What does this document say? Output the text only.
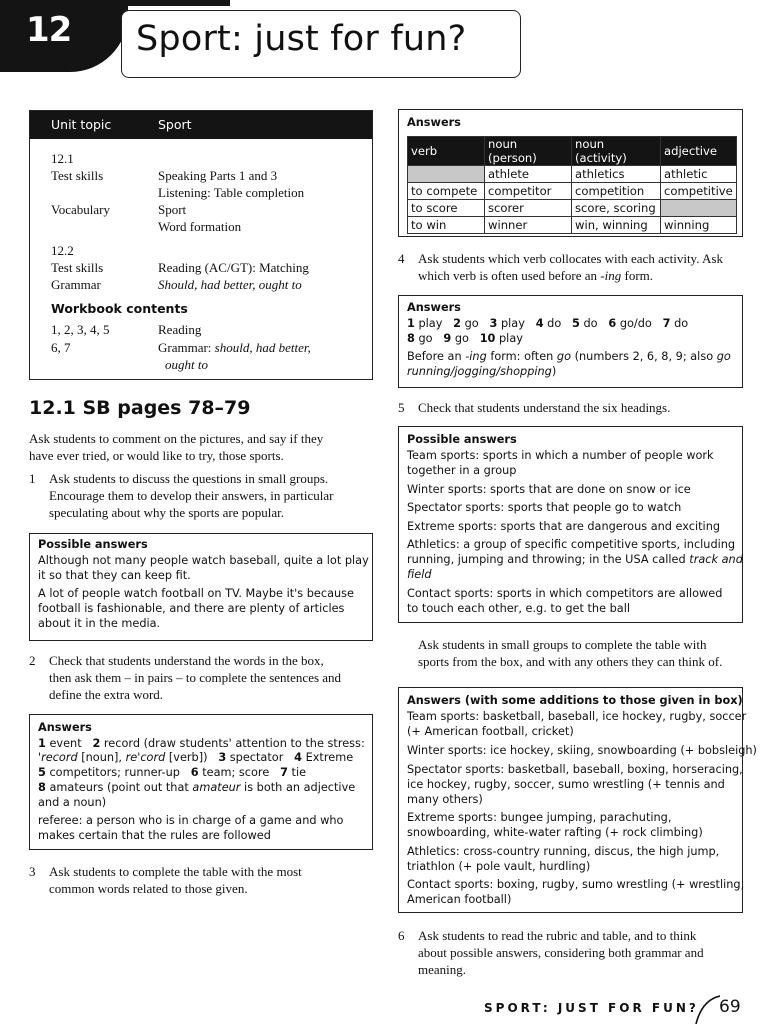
12 Sport: just for fun?
Unit topic	Sport
12.1
Test skills	Speaking Parts 1 and 3
Listening: Table completion
Vocabulary	Sport
Word formation
12.2
Test skills	Reading (AC/GT): Matching
Grammar	Should, had better, ought to
Workbook contents
1, 2, 3, 4, 5	Reading
6, 7	Grammar: should, had better,
ought to
12.1 SB pages 78–79
Ask students to comment on the pictures, and say if they
have ever tried, or would like to try, those sports.
1 Ask students to discuss the questions in small groups.
Encourage them to develop their answers, in particular
speculating about why the sports are popular.
Possible answers
Although not many people watch baseball, quite a lot play
it so that they can keep fit.
A lot of people watch football on TV. Maybe it's because
football is fashionable, and there are plenty of articles
about it in the media.
2 Check that students understand the words in the box,
then ask them – in pairs – to complete the sentences and
define the extra word.
Answers
1 event 2 record (draw students' attention to the stress:
'record [noun], re'cord [verb]) 3 spectator 4 Extreme
5 competitors; runner-up 6 team; score 7 tie
8 amateurs (point out that amateur is both an adjective
and a noun)
referee: a person who is in charge of a game and who
makes certain that the rules are followed
3 Ask students to complete the table with the most
common words related to those given.
Answers
verb	noun (person)	noun (activity)	adjective
	athlete	athletics	athletic
to compete	competitor	competition	competitive
to score	scorer	score, scoring	
to win	winner	win, winning	winning
4 Ask students which verb collocates with each activity. Ask
which verb is often used before an -ing form.
Answers
1 play 2 go 3 play 4 do 5 do 6 go/do 7 do
8 go 9 go 10 play
Before an -ing form: often go (numbers 2, 6, 8, 9; also go
running/jogging/shopping)
5 Check that students understand the six headings.
Possible answers
Team sports: sports in which a number of people work
together in a group
Winter sports: sports that are done on snow or ice
Spectator sports: sports that people go to watch
Extreme sports: sports that are dangerous and exciting
Athletics: a group of specific competitive sports, including
running, jumping and throwing; in the USA called track and
field
Contact sports: sports in which competitors are allowed
to touch each other, e.g. to get the ball
Ask students in small groups to complete the table with
sports from the box, and with any others they can think of.
Answers (with some additions to those given in box)
Team sports: basketball, baseball, ice hockey, rugby, soccer
(+ American football, cricket)
Winter sports: ice hockey, skiing, snowboarding (+ bobsleigh)
Spectator sports: basketball, baseball, boxing, horseracing,
ice hockey, rugby, soccer, sumo wrestling (+ tennis and
many others)
Extreme sports: bungee jumping, parachuting,
snowboarding, white-water rafting (+ rock climbing)
Athletics: cross-country running, discus, the high jump,
triathlon (+ pole vault, hurdling)
Contact sports: boxing, rugby, sumo wrestling (+ wrestling,
American football)
6 Ask students to read the rubric and table, and to think
about possible answers, considering both grammar and
meaning.
SPORT: JUST FOR FUN? 69
